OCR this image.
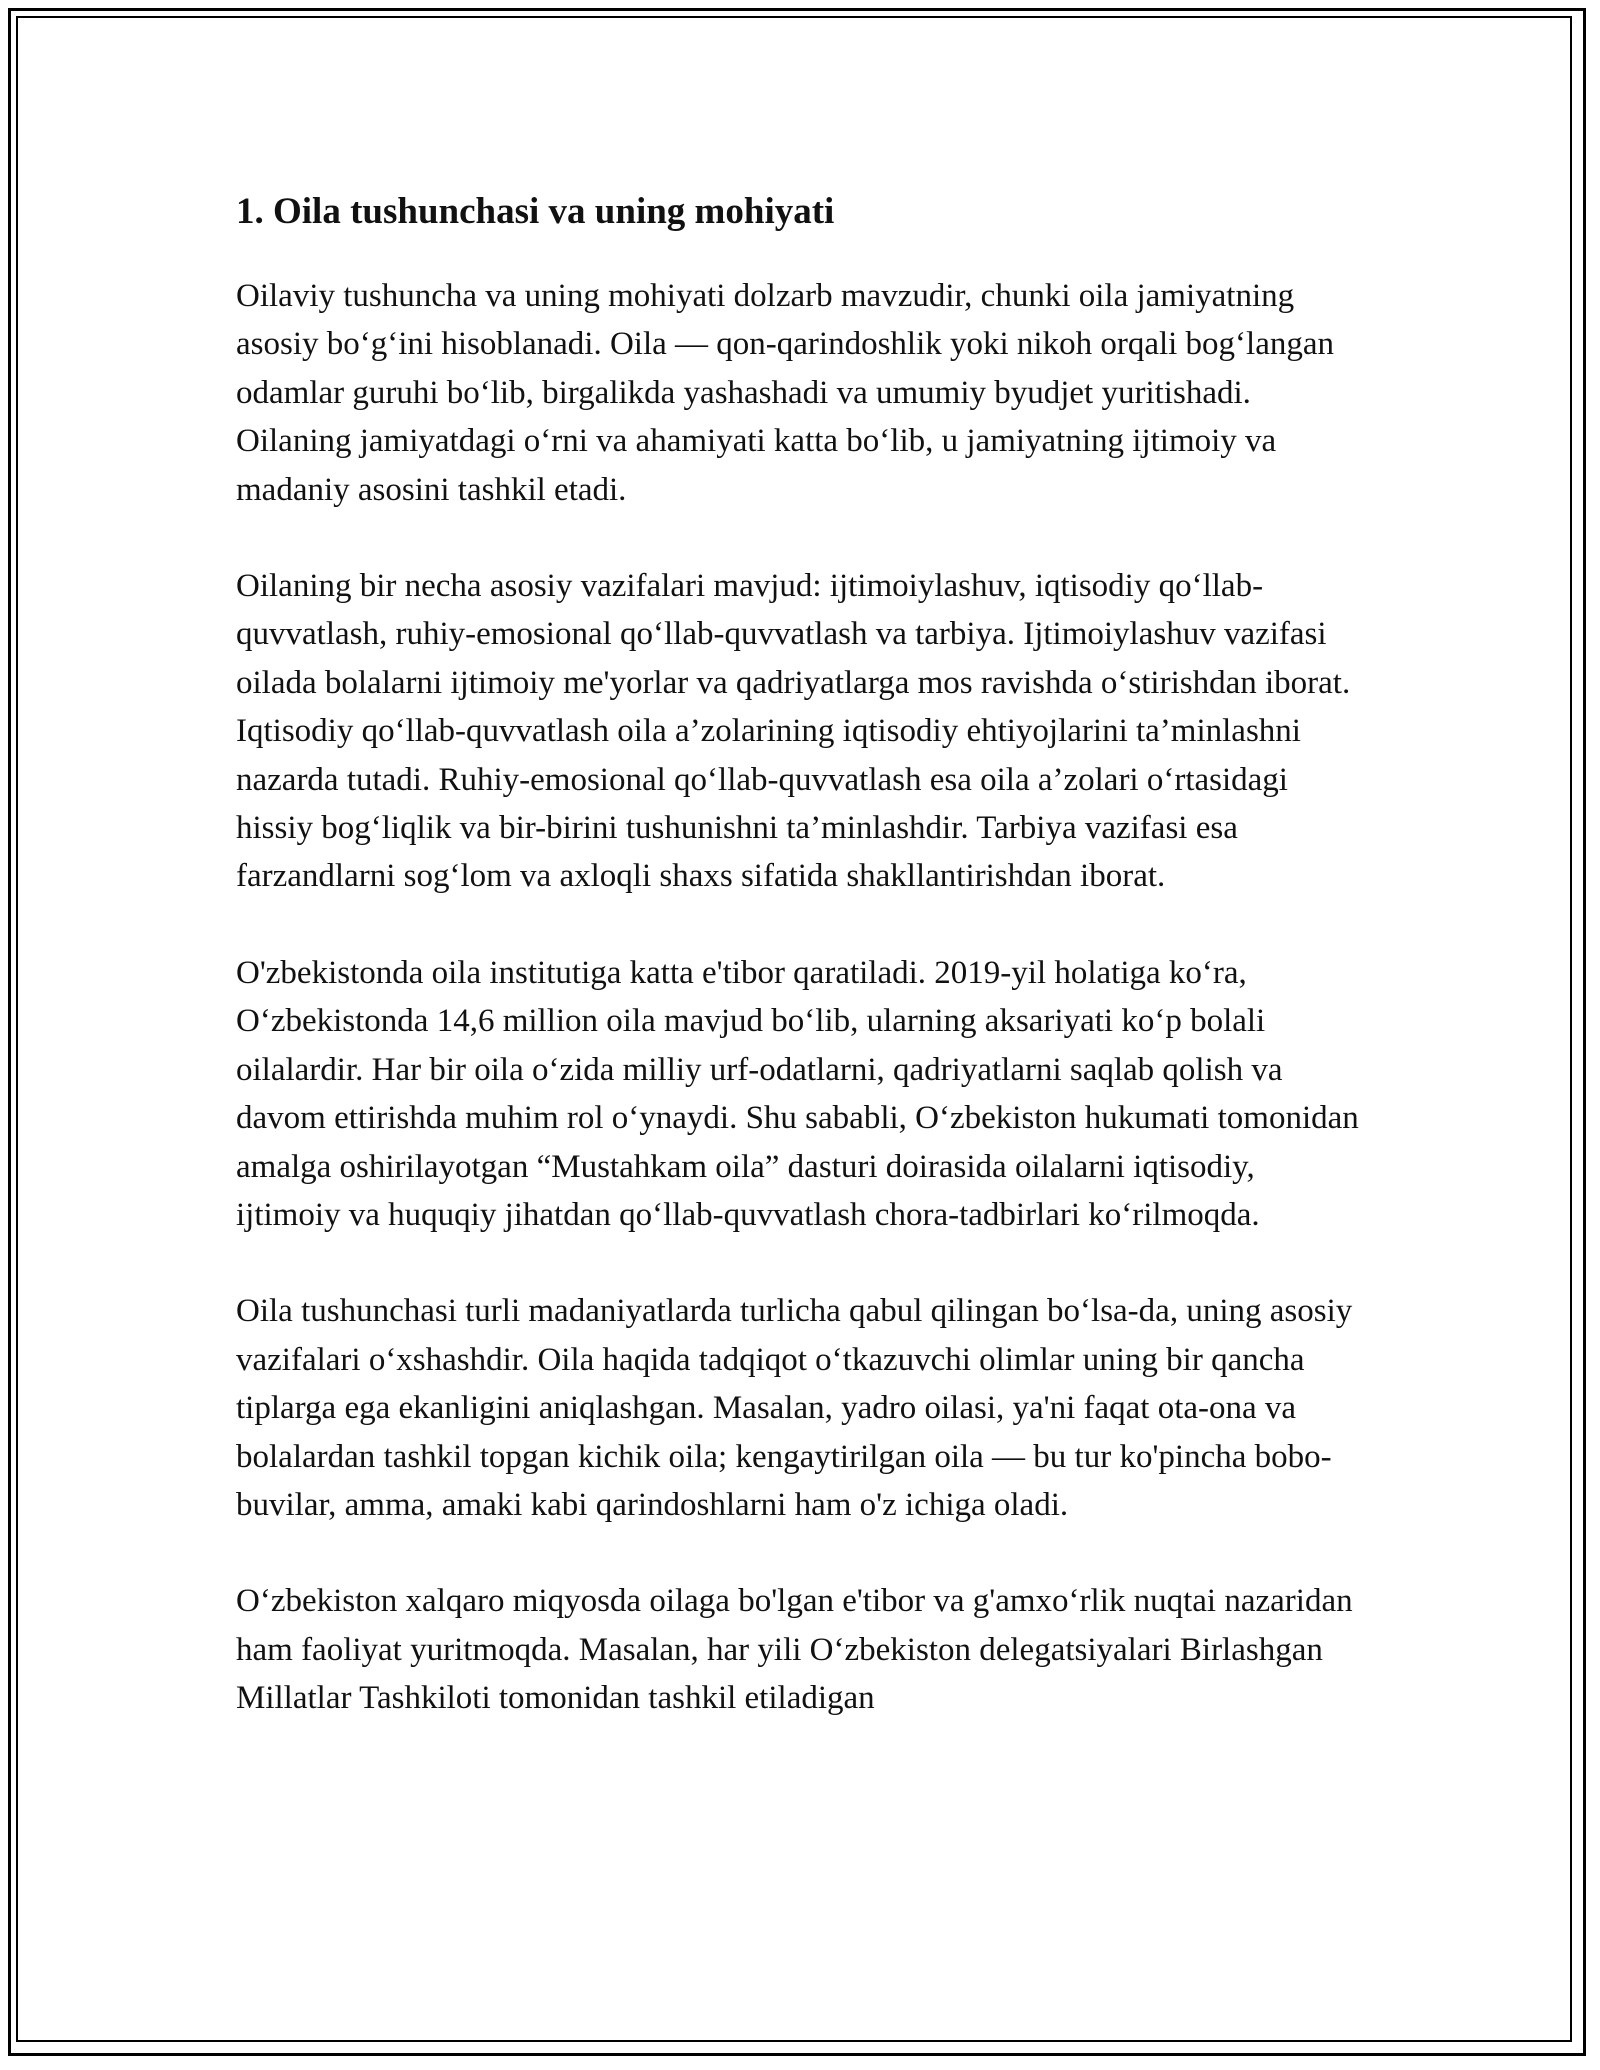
1. Oila tushunchasi va uning mohiyati

Oilaviy tushuncha va uning mohiyati dolzarb mavzudir, chunki oila jamiyatning asosiy bo‘g‘ini hisoblanadi. Oila — qon-qarindoshlik yoki nikoh orqali bog‘langan odamlar guruhi bo‘lib, birgalikda yashashadi va umumiy byudjet yuritishadi. Oilaning jamiyatdagi o‘rni va ahamiyati katta bo‘lib, u jamiyatning ijtimoiy va madaniy asosini tashkil etadi.

Oilaning bir necha asosiy vazifalari mavjud: ijtimoiylashuv, iqtisodiy qo‘llab-quvvatlash, ruhiy-emosional qo‘llab-quvvatlash va tarbiya. Ijtimoiylashuv vazifasi oilada bolalarni ijtimoiy me'yorlar va qadriyatlarga mos ravishda o‘stirishdan iborat. Iqtisodiy qo‘llab-quvvatlash oila a’zolarining iqtisodiy ehtiyojlarini ta’minlashni nazarda tutadi. Ruhiy-emosional qo‘llab-quvvatlash esa oila a’zolari o‘rtasidagi hissiy bog‘liqlik va bir-birini tushunishni ta’minlashdir. Tarbiya vazifasi esa farzandlarni sog‘lom va axloqli shaxs sifatida shakllantirishdan iborat.

O'zbekistonda oila institutiga katta e'tibor qaratiladi. 2019-yil holatiga ko‘ra, O‘zbekistonda 14,6 million oila mavjud bo‘lib, ularning aksariyati ko‘p bolali oilalardir. Har bir oila o‘zida milliy urf-odatlarni, qadriyatlarni saqlab qolish va davom ettirishda muhim rol o‘ynaydi. Shu sababli, O‘zbekiston hukumati tomonidan amalga oshirilayotgan “Mustahkam oila” dasturi doirasida oilalarni iqtisodiy, ijtimoiy va huquqiy jihatdan qo‘llab-quvvatlash chora-tadbirlari ko‘rilmoqda.

Oila tushunchasi turli madaniyatlarda turlicha qabul qilingan bo‘lsa-da, uning asosiy vazifalari o‘xshashdir. Oila haqida tadqiqot o‘tkazuvchi olimlar uning bir qancha tiplarga ega ekanligini aniqlashgan. Masalan, yadro oilasi, ya'ni faqat ota-ona va bolalardan tashkil topgan kichik oila; kengaytirilgan oila — bu tur ko'pincha bobo-buvilar, amma, amaki kabi qarindoshlarni ham o'z ichiga oladi.

O‘zbekiston xalqaro miqyosda oilaga bo'lgan e'tibor va g'amxo‘rlik nuqtai nazaridan ham faoliyat yuritmoqda. Masalan, har yili O‘zbekiston delegatsiyalari Birlashgan Millatlar Tashkiloti tomonidan tashkil etiladigan
